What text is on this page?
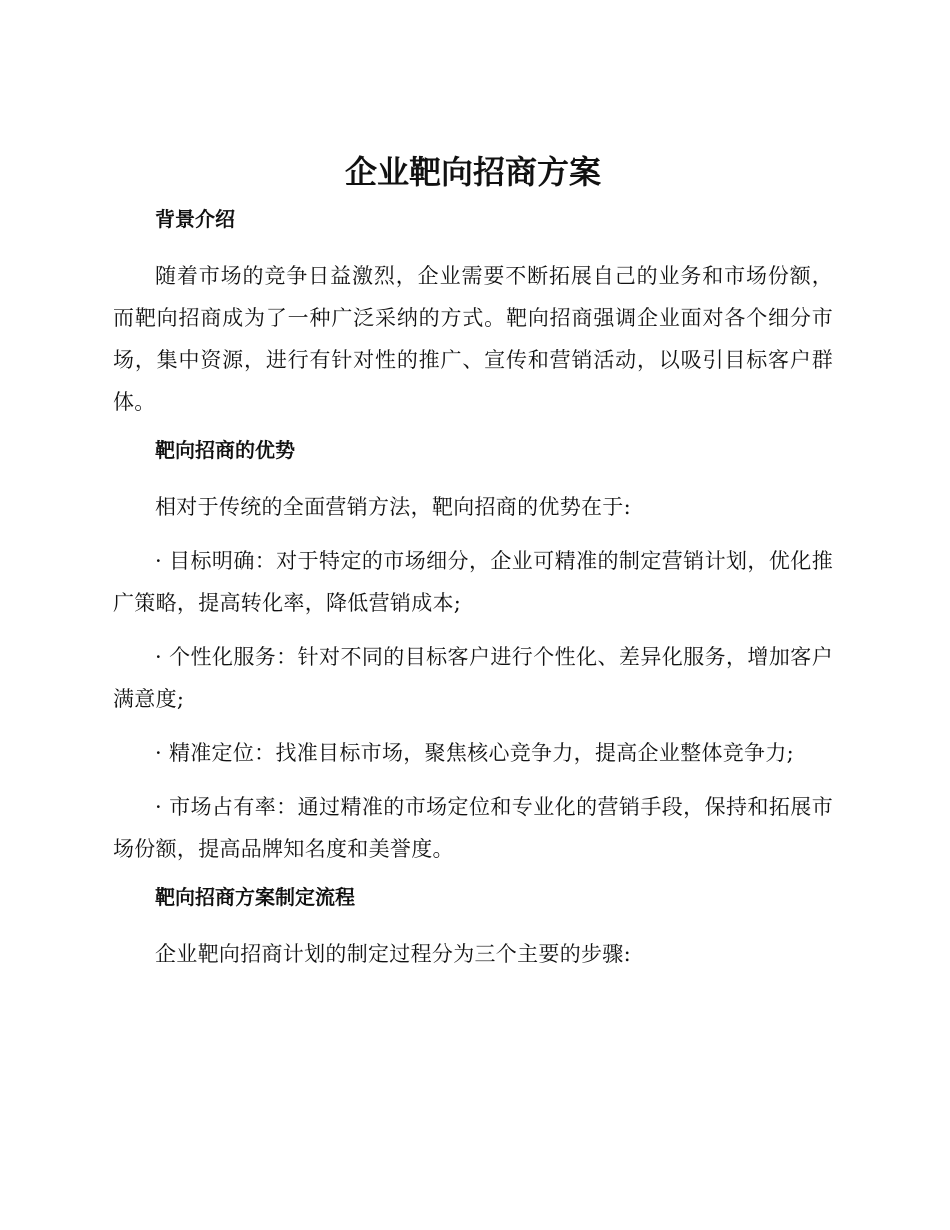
企业靶向招商方案
背景介绍

随着市场的竞争日益激烈，企业需要不断拓展自己的业务和市场份额，而靶向招商成为了一种广泛采纳的方式。靶向招商强调企业面对各个细分市场，集中资源，进行有针对性的推广、宣传和营销活动，以吸引目标客户群体。

靶向招商的优势

相对于传统的全面营销方法，靶向招商的优势在于:

· 目标明确：对于特定的市场细分，企业可精准的制定营销计划，优化推广策略，提高转化率，降低营销成本;

· 个性化服务：针对不同的目标客户进行个性化、差异化服务，增加客户满意度;

· 精准定位：找准目标市场，聚焦核心竞争力，提高企业整体竞争力;

· 市场占有率：通过精准的市场定位和专业化的营销手段，保持和拓展市场份额，提高品牌知名度和美誉度。

靶向招商方案制定流程

企业靶向招商计划的制定过程分为三个主要的步骤:
